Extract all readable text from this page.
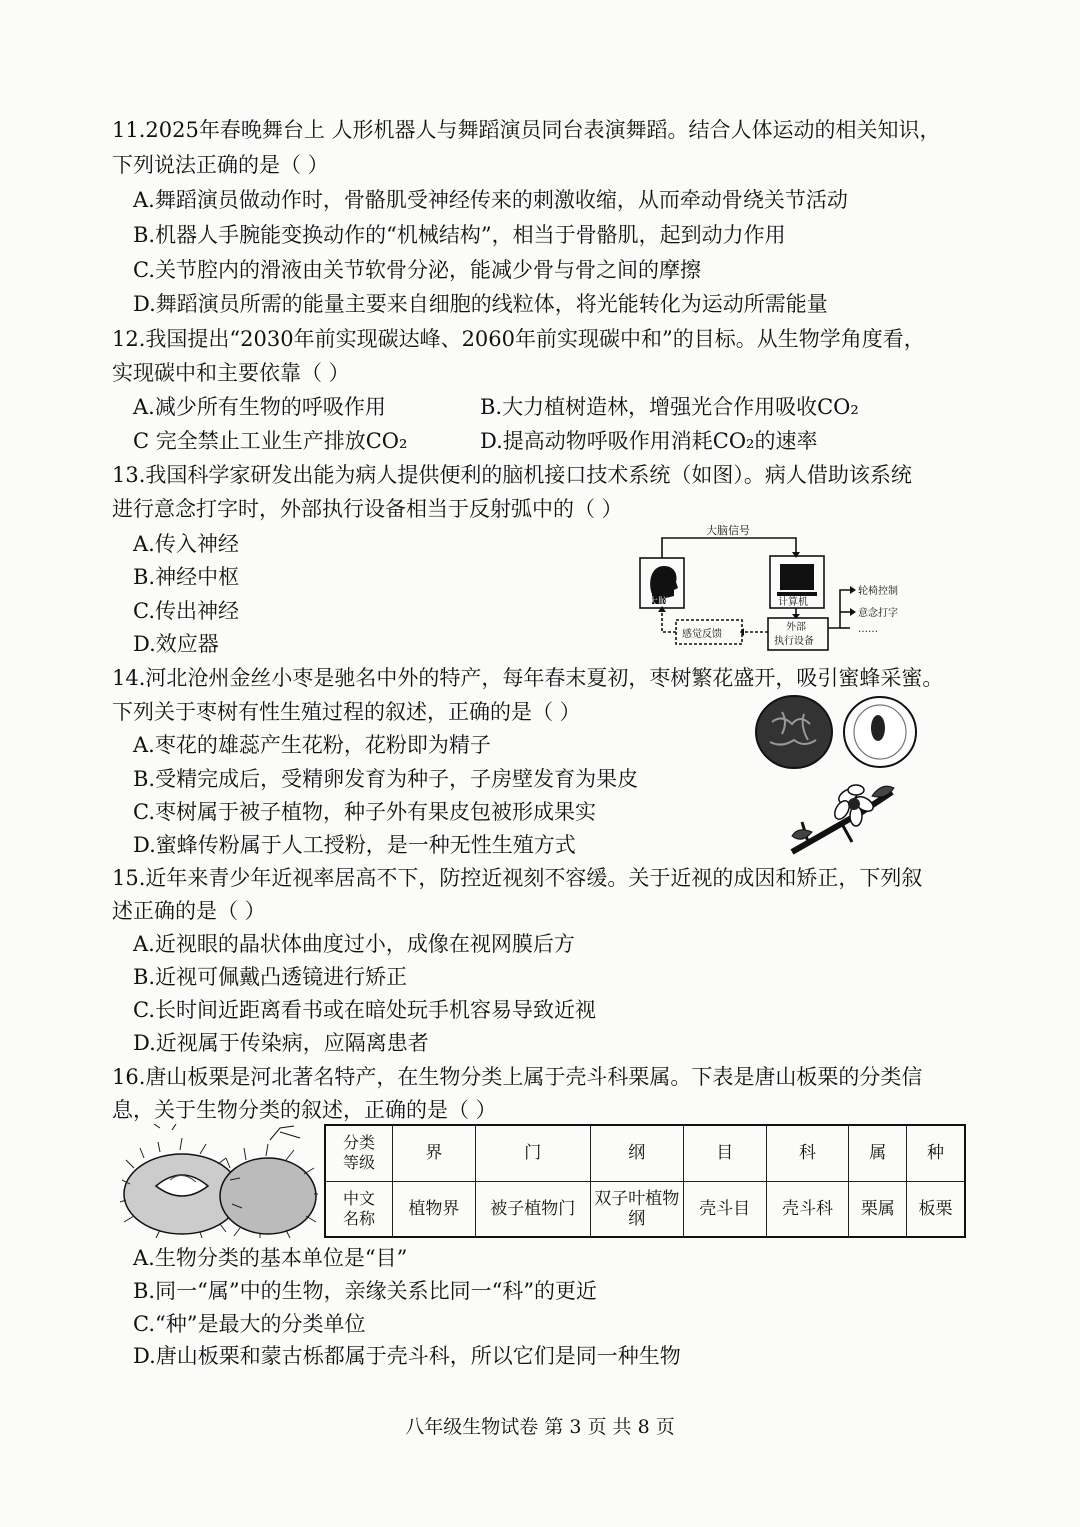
11.2025年春晚舞台上 人形机器人与舞蹈演员同台表演舞蹈。结合人体运动的相关知识，
下列说法正确的是（ ）
A.舞蹈演员做动作时，骨骼肌受神经传来的刺激收缩，从而牵动骨绕关节活动
B.机器人手腕能变换动作的“机械结构”，相当于骨骼肌，起到动力作用
C.关节腔内的滑液由关节软骨分泌，能减少骨与骨之间的摩擦
D.舞蹈演员所需的能量主要来自细胞的线粒体，将光能转化为运动所需能量
12.我国提出“2030年前实现碳达峰、2060年前实现碳中和”的目标。从生物学角度看，
实现碳中和主要依靠（ ）
A.减少所有生物的呼吸作用	B.大力植树造林，增强光合作用吸收CO₂
C 完全禁止工业生产排放CO₂	D.提高动物呼吸作用消耗CO₂的速率
13.我国科学家研发出能为病人提供便利的脑机接口技术系统（如图）。病人借助该系统
进行意念打字时，外部执行设备相当于反射弧中的（ ）
A.传入神经
B.神经中枢
C.传出神经
D.效应器
大脑信号
大脑	计算机
外部
执行设备
感觉反馈
轮椅控制
意念打字
……
14.河北沧州金丝小枣是驰名中外的特产，每年春末夏初，枣树繁花盛开，吸引蜜蜂采蜜。
下列关于枣树有性生殖过程的叙述，正确的是（ ）
A.枣花的雄蕊产生花粉，花粉即为精子
B.受精完成后，受精卵发育为种子，子房壁发育为果皮
C.枣树属于被子植物，种子外有果皮包被形成果实
D.蜜蜂传粉属于人工授粉，是一种无性生殖方式
15.近年来青少年近视率居高不下，防控近视刻不容缓。关于近视的成因和矫正，下列叙
述正确的是（ ）
A.近视眼的晶状体曲度过小，成像在视网膜后方
B.近视可佩戴凸透镜进行矫正
C.长时间近距离看书或在暗处玩手机容易导致近视
D.近视属于传染病，应隔离患者
16.唐山板栗是河北著名特产，在生物分类上属于壳斗科栗属。下表是唐山板栗的分类信
息，关于生物分类的叙述，正确的是（ ）
分类
等级	界	门	纲	目	科	属	种

中文
名称	植物界	被子植物门	双子叶植物纲	壳斗目	壳斗科	栗属	板栗
A.生物分类的基本单位是“目”
B.同一“属”中的生物，亲缘关系比同一“科”的更近
C.“种”是最大的分类单位
D.唐山板栗和蒙古栎都属于壳斗科，所以它们是同一种生物
八年级生物试卷 第 3 页 共 8 页
